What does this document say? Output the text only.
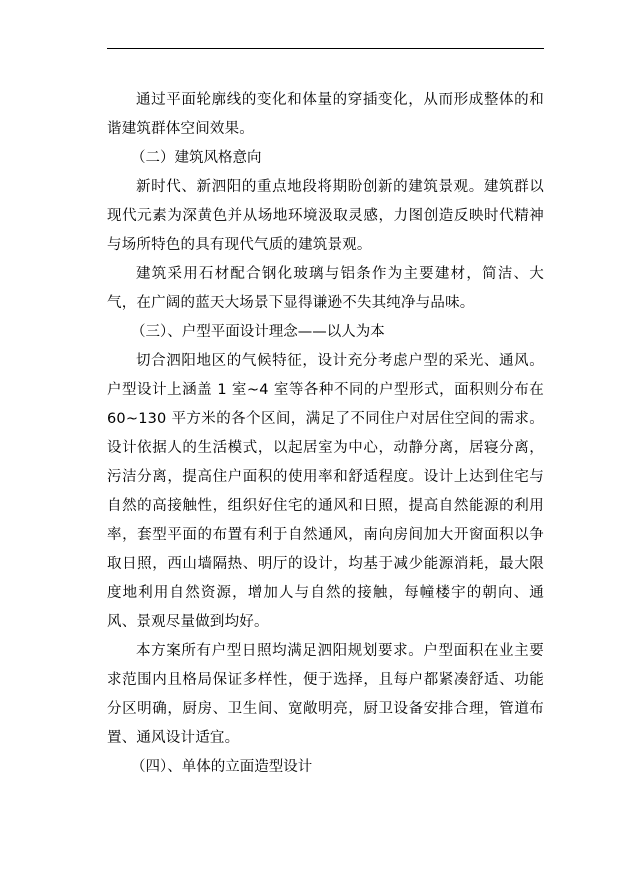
通过平面轮廓线的变化和体量的穿插变化，从而形成整体的和谐建筑群体空间效果。

（二）建筑风格意向

新时代、新泗阳的重点地段将期盼创新的建筑景观。建筑群以现代元素为深黄色并从场地环境汲取灵感，力图创造反映时代精神与场所特色的具有现代气质的建筑景观。

建筑采用石材配合钢化玻璃与铝条作为主要建材，简洁、大气，在广阔的蓝天大场景下显得谦逊不失其纯净与品味。

（三）、户型平面设计理念——以人为本

切合泗阳地区的气候特征，设计充分考虑户型的采光、通风。户型设计上涵盖 1 室~4 室等各种不同的户型形式，面积则分布在 60~130 平方米的各个区间，满足了不同住户对居住空间的需求。设计依据人的生活模式，以起居室为中心，动静分离，居寝分离，污洁分离，提高住户面积的使用率和舒适程度。设计上达到住宅与自然的高接触性，组织好住宅的通风和日照，提高自然能源的利用率，套型平面的布置有利于自然通风，南向房间加大开窗面积以争取日照，西山墙隔热、明厅的设计，均基于减少能源消耗，最大限度地利用自然资源，增加人与自然的接触，每幢楼宇的朝向、通风、景观尽量做到均好。

本方案所有户型日照均满足泗阳规划要求。户型面积在业主要求范围内且格局保证多样性，便于选择，且每户都紧凑舒适、功能分区明确，厨房、卫生间、宽敞明亮，厨卫设备安排合理，管道布置、通风设计适宜。

（四）、单体的立面造型设计
